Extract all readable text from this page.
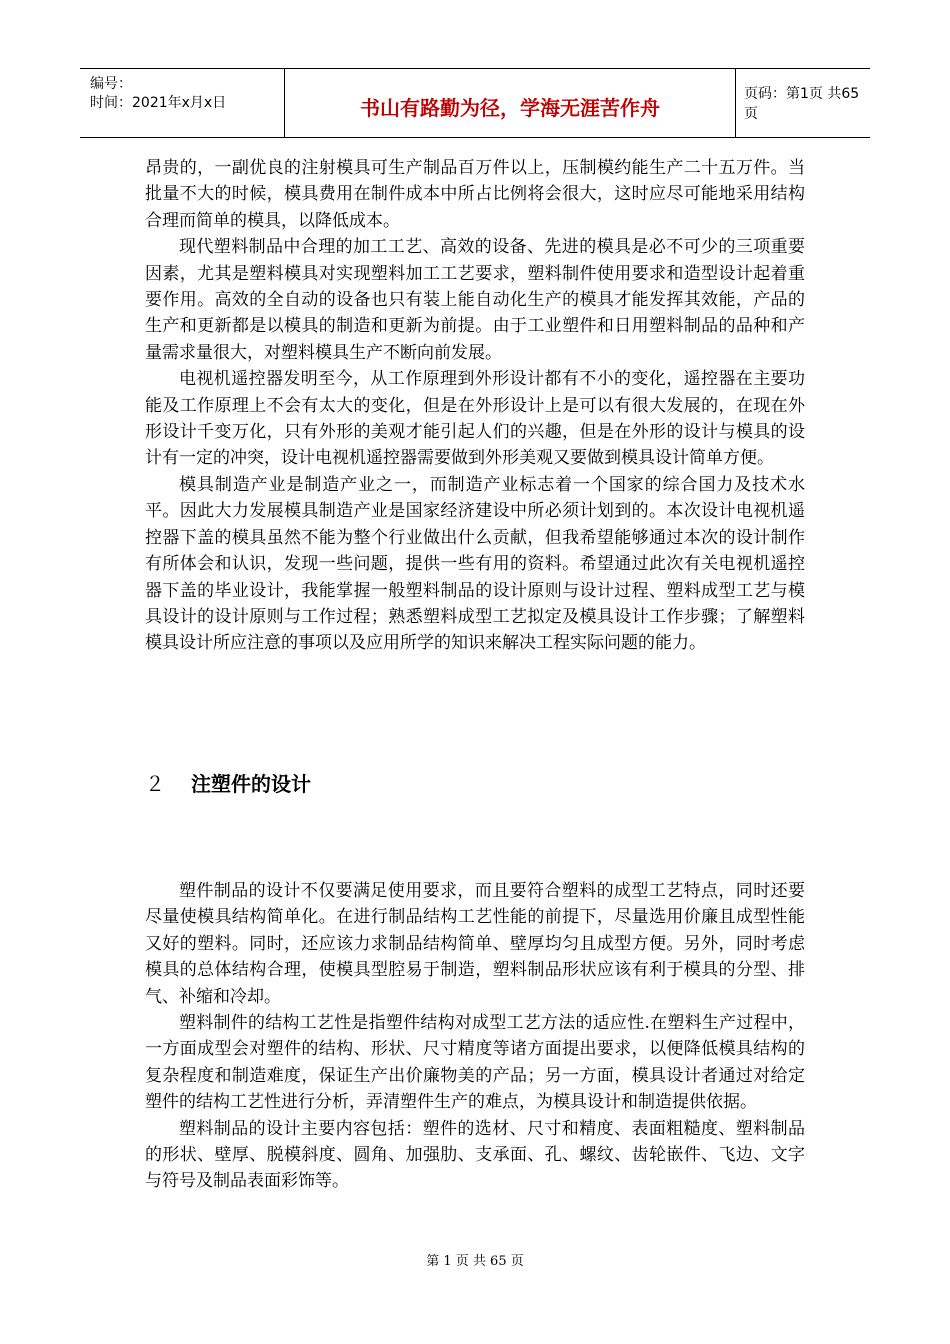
编号：
时间：2021年x月x日	书山有路勤为径，学海无涯苦作舟
页码：第1页 共65页

昂贵的，一副优良的注射模具可生产制品百万件以上，压制模约能生产二十五万件。当批量不大的时候，模具费用在制件成本中所占比例将会很大，这时应尽可能地采用结构合理而简单的模具，以降低成本。

现代塑料制品中合理的加工工艺、高效的设备、先进的模具是必不可少的三项重要因素，尤其是塑料模具对实现塑料加工工艺要求，塑料制件使用要求和造型设计起着重要作用。高效的全自动的设备也只有装上能自动化生产的模具才能发挥其效能，产品的生产和更新都是以模具的制造和更新为前提。由于工业塑件和日用塑料制品的品种和产量需求量很大，对塑料模具生产不断向前发展。

电视机遥控器发明至今，从工作原理到外形设计都有不小的变化，遥控器在主要功能及工作原理上不会有太大的变化，但是在外形设计上是可以有很大发展的，在现在外形设计千变万化，只有外形的美观才能引起人们的兴趣，但是在外形的设计与模具的设计有一定的冲突，设计电视机遥控器需要做到外形美观又要做到模具设计简单方便。

模具制造产业是制造产业之一，而制造产业标志着一个国家的综合国力及技术水平。因此大力发展模具制造产业是国家经济建设中所必须计划到的。本次设计电视机遥控器下盖的模具虽然不能为整个行业做出什么贡献，但我希望能够通过本次的设计制作有所体会和认识，发现一些问题，提供一些有用的资料。希望通过此次有关电视机遥控器下盖的毕业设计，我能掌握一般塑料制品的设计原则与设计过程、塑料成型工艺与模具设计的设计原则与工作过程；熟悉塑料成型工艺拟定及模具设计工作步骤；了解塑料模具设计所应注意的事项以及应用所学的知识来解决工程实际问题的能力。

２ 注塑件的设计

塑件制品的设计不仅要满足使用要求，而且要符合塑料的成型工艺特点，同时还要尽量使模具结构简单化。在进行制品结构工艺性能的前提下，尽量选用价廉且成型性能又好的塑料。同时，还应该力求制品结构简单、壁厚均匀且成型方便。另外，同时考虑模具的总体结构合理，使模具型腔易于制造，塑料制品形状应该有利于模具的分型、排气、补缩和冷却。

塑料制件的结构工艺性是指塑件结构对成型工艺方法的适应性.在塑料生产过程中，一方面成型会对塑件的结构、形状、尺寸精度等诸方面提出要求，以便降低模具结构的复杂程度和制造难度，保证生产出价廉物美的产品；另一方面，模具设计者通过对给定塑件的结构工艺性进行分析，弄清塑件生产的难点，为模具设计和制造提供依据。

塑料制品的设计主要内容包括：塑件的选材、尺寸和精度、表面粗糙度、塑料制品的形状、壁厚、脱模斜度、圆角、加强肋、支承面、孔、螺纹、齿轮嵌件、飞边、文字与符号及制品表面彩饰等。

第 1 页 共 65 页
